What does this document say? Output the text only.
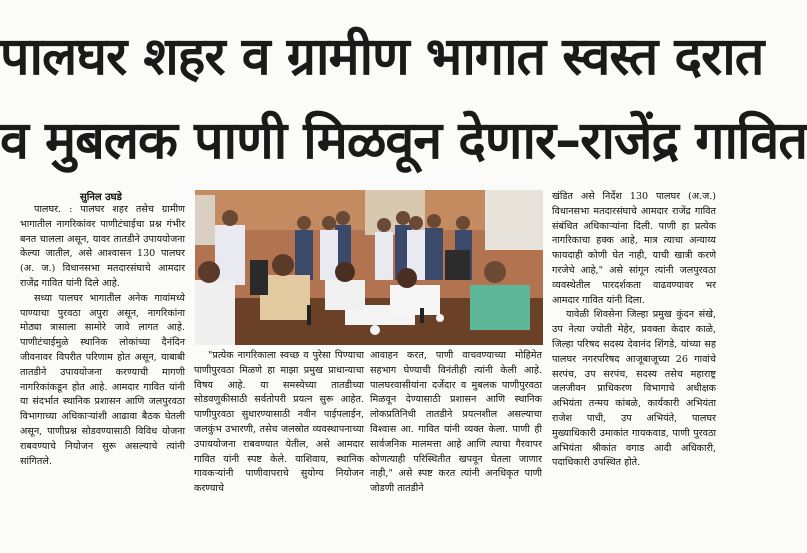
पालघर शहर व ग्रामीण भागात स्वस्त दरात
व मुबलक पाणी मिळवून देणार–राजेंद्र गावित
सुनिल उघडे

पालघर. : पालघर शहर तसेच ग्रामीण भागातील नागरिकांवर पाणीटंचाईचा प्रश्न गंभीर बनत चालला असून, यावर तातडीने उपाययोजना केल्या जातील, असे आश्वासन 130 पालघर (अ. ज.) विधानसभा मतदारसंघाचे आमदार राजेंद्र गावित यांनी दिले आहे.

सध्या पालघर भागातील अनेक गावांमध्ये पाण्याचा पुरवठा अपुरा असून, नागरिकांना मोठ्या त्रासाला सामोरे जावे लागत आहे. पाणीटंचाईमुळे स्थानिक लोकांच्या दैनंदिन जीवनावर विपरीत परिणाम होत असून, याबाबी तातडीने उपाययोजना करण्याची मागणी नागरिकांकडून होत आहे. आमदार गावित यांनी या संदर्भात स्थानिक प्रशासन आणि जलपुरवठा विभागाच्या अधिकाऱ्यांशी आढावा बैठक घेतली असून, पाणीप्रश्न सोडवण्यासाठी विविध योजना राबवण्याचे नियोजन सुरू असल्याचे त्यांनी सांगितले.

"प्रत्येक नागरिकाला स्वच्छ व पुरेसा पिण्याचा पाणीपुरवठा मिळणे हा माझा प्रमुख प्राधान्याचा विषय आहे. या समस्येच्या तातडीच्या सोडवणुकीसाठी सर्वतोपरी प्रयत्न सुरू आहेत. पाणीपुरवठा सुधारण्यासाठी नवीन पाईपलाईन, जलकुंभ उभारणी, तसेच जलस्रोत व्यवस्थापनाच्या उपाययोजना राबवण्यात येतील, असे आमदार गावित यांनी स्पष्ट केले. याशिवाय, स्थानिक गावकऱ्यांनी पाणीवापराचे सुयोग्य नियोजन करण्याचे

आवाहन करत, पाणी वाचवण्याच्या मोहिमेत सहभाग घेण्याची विनंतीही त्यांनी केली आहे. पालघरवासीयांना दर्जेदार व मुबलक पाणीपुरवठा मिळवून देण्यासाठी प्रशासन आणि स्थानिक लोकप्रतिनिधी तातडीने प्रयत्नशील असल्याचा विश्वास आ. गावित यांनी व्यक्त केला. पाणी ही सार्वजनिक मालमत्ता आहे आणि त्याचा गैरवापर कोणत्याही परिस्थितीत खपवून घेतला जाणार नाही," असे स्पष्ट करत त्यांनी अनधिकृत पाणी जोडणी तातडीने

खंडित असे निर्देश 130 पालघर (अ.ज.) विधानसभा मतदारसंघाचे आमदार राजेंद्र गावित संबंधित अधिकाऱ्यांना दिली. पाणी हा प्रत्येक नागरिकाचा हक्क आहे, मात्र त्याचा अन्याय्य फायदाही कोणी घेत नाही, याची खात्री करणे गरजेचे आहे," असे सांगून त्यांनी जलपुरवठा व्यवस्थेतील पारदर्शकता वाढवण्यावर भर आमदार गावित यांनी दिला.

यावेळी शिवसेना जिल्हा प्रमुख कुंदन संखे, उप नेत्या ज्योती मेहेर, प्रवक्ता केदार काळे, जिल्हा परिषद सदस्य देवानंद शिंगडे, यांच्या सह पालघर नगरपरिषद आजूबाजूच्या 26 गावांचे सरपंच, उप सरपंच, सदस्य तसेच महाराष्ट्र जलजीवन प्राधिकरण विभागाचे अधीक्षक अभियंता तन्मय कांबळे, कार्यकारी अभियंता राजेश पाधी, उप अभियंते, पालघर मुख्याधिकारी उमाकांत गायकवाड, पाणी पुरवठा अभियंता श्रीकांत वगाड आदी अधिकारी, पदाधिकारी उपस्थित होते.
